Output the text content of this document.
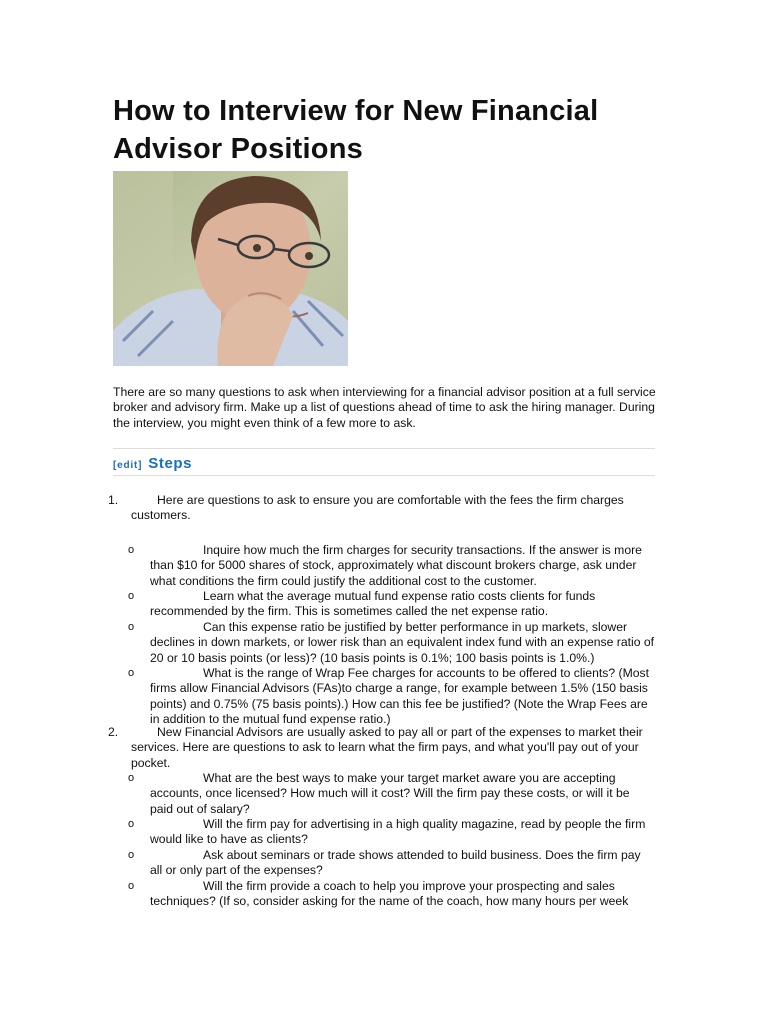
How to Interview for New Financial Advisor Positions

There are so many questions to ask when interviewing for a financial advisor position at a full service broker and advisory firm. Make up a list of questions ahead of time to ask the hiring manager. During the interview, you might even think of a few more to ask.

[edit] Steps
1.	Here are questions to ask to ensure you are comfortable with the fees the firm charges customers.

o	Inquire how much the firm charges for security transactions. If the answer is more than $10 for 5000 shares of stock, approximately what discount brokers charge, ask under what conditions the firm could justify the additional cost to the customer.

o	Learn what the average mutual fund expense ratio costs clients for funds recommended by the firm. This is sometimes called the net expense ratio.

o	Can this expense ratio be justified by better performance in up markets, slower declines in down markets, or lower risk than an equivalent index fund with an expense ratio of 20 or 10 basis points (or less)? (10 basis points is 0.1%; 100 basis points is 1.0%.)

o	What is the range of Wrap Fee charges for accounts to be offered to clients? (Most firms allow Financial Advisors (FAs)to charge a range, for example between 1.5% (150 basis points) and 0.75% (75 basis points).) How can this fee be justified? (Note the Wrap Fees are in addition to the mutual fund expense ratio.)

2.	New Financial Advisors are usually asked to pay all or part of the expenses to market their services. Here are questions to ask to learn what the firm pays, and what you'll pay out of your pocket.

o	What are the best ways to make your target market aware you are accepting accounts, once licensed? How much will it cost? Will the firm pay these costs, or will it be paid out of salary?

o	Will the firm pay for advertising in a high quality magazine, read by people the firm would like to have as clients?

o	Ask about seminars or trade shows attended to build business. Does the firm pay all or only part of the expenses?

o	Will the firm provide a coach to help you improve your prospecting and sales techniques? (If so, consider asking for the name of the coach, how many hours per week
